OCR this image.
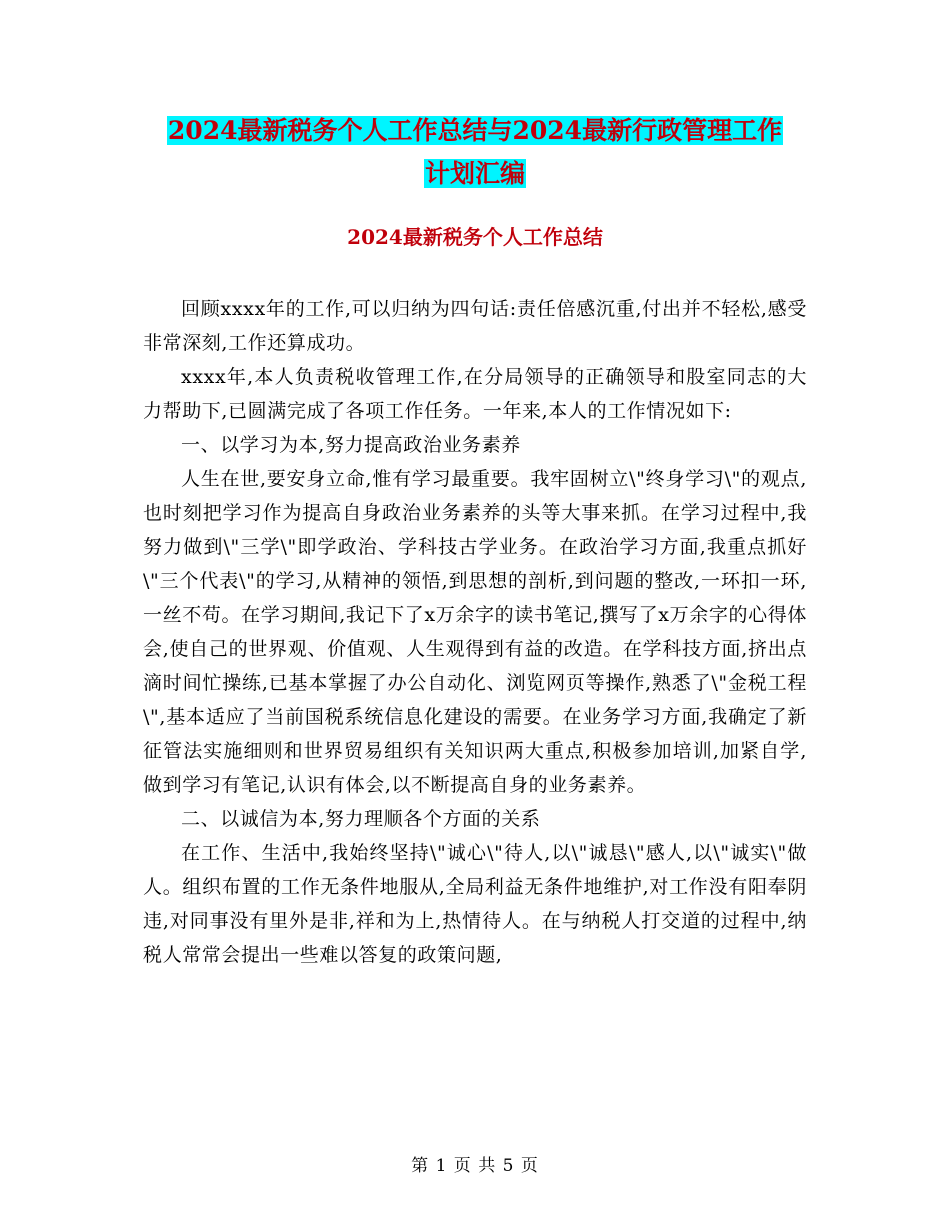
2024最新税务个人工作总结与2024最新行政管理工作
计划汇编
2024最新税务个人工作总结

回顾xxxx年的工作,可以归纳为四句话:责任倍感沉重,付出并不轻松,感受非常深刻,工作还算成功。

xxxx年,本人负责税收管理工作,在分局领导的正确领导和股室同志的大力帮助下,已圆满完成了各项工作任务。一年来,本人的工作情况如下:

一、以学习为本,努力提高政治业务素养

人生在世,要安身立命,惟有学习最重要。我牢固树立\"终身学习\"的观点,也时刻把学习作为提高自身政治业务素养的头等大事来抓。在学习过程中,我努力做到\"三学\"即学政治、学科技古学业务。在政治学习方面,我重点抓好\"三个代表\"的学习,从精神的领悟,到思想的剖析,到问题的整改,一环扣一环,一丝不苟。在学习期间,我记下了x万余字的读书笔记,撰写了x万余字的心得体会,使自己的世界观、价值观、人生观得到有益的改造。在学科技方面,挤出点滴时间忙操练,已基本掌握了办公自动化、浏览网页等操作,熟悉了\"金税工程\",基本适应了当前国税系统信息化建设的需要。在业务学习方面,我确定了新征管法实施细则和世界贸易组织有关知识两大重点,积极参加培训,加紧自学,做到学习有笔记,认识有体会,以不断提高自身的业务素养。

二、以诚信为本,努力理顺各个方面的关系

在工作、生活中,我始终坚持\"诚心\"待人,以\"诚恳\"感人,以\"诚实\"做人。组织布置的工作无条件地服从,全局利益无条件地维护,对工作没有阳奉阴违,对同事没有里外是非,祥和为上,热情待人。在与纳税人打交道的过程中,纳税人常常会提出一些难以答复的政策问题,

第 1 页 共 5 页
